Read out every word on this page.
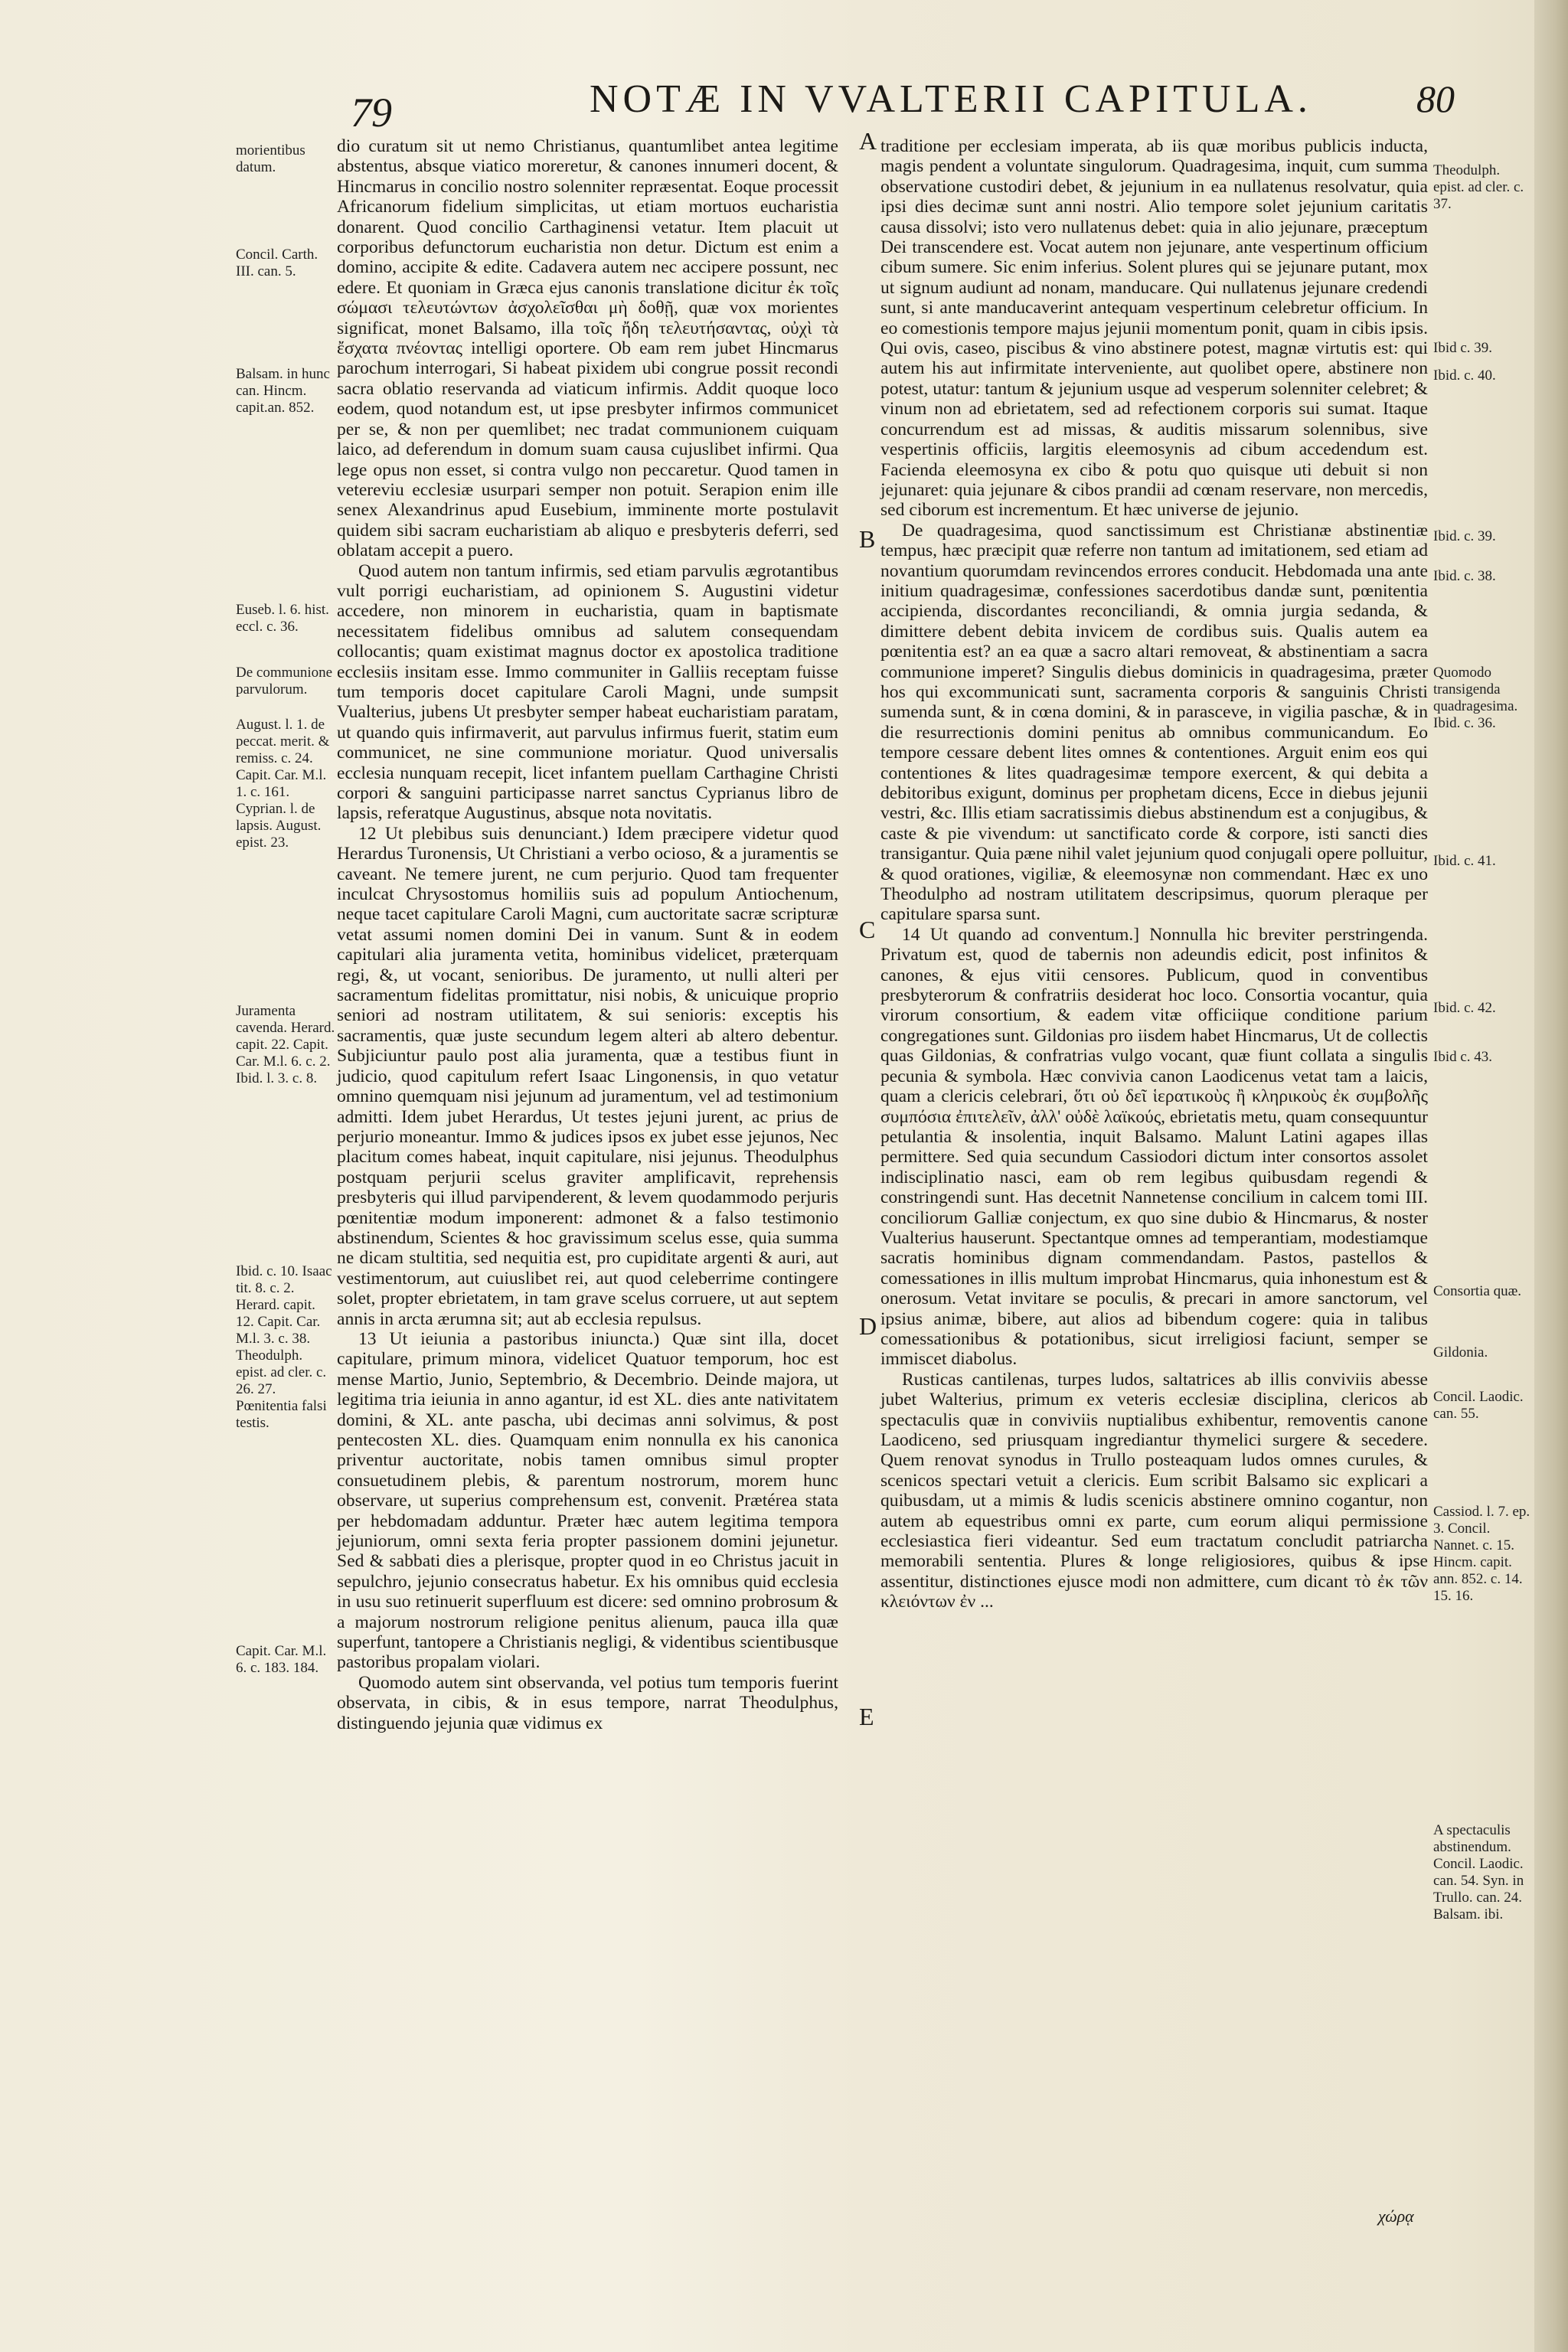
79	NOTÆ IN VVALTERII CAPITULA.	80
morientibus datum.
Concil. Carth. III. can. 5.
Balsam. in hunc can. Hincm. capit.an. 852.
Euseb. l. 6. hist. eccl. c. 36.
De communione parvulorum.
August. l. 1. de peccat. merit. & remiss. c. 24. Capit. Car. M.l. 1. c. 161. Cyprian. l. de lapsis. August. epist. 23.
Juramenta cavenda. Herard. capit. 22. Capit. Car. M.l. 6. c. 2. Ibid. l. 3. c. 8.
Ibid. c. 10. Isaac tit. 8. c. 2. Herard. capit. 12. Capit. Car. M.l. 3. c. 38. Theodulph. epist. ad cler. c. 26. 27. Pœnitentia falsi testis.
Capit. Car. M.l. 6. c. 183. 184.

dio curatum sit ut nemo Christianus, quantumlibet antea legitime abstentus, absque viatico moreretur, & canones innumeri docent, & Hincmarus in concilio nostro solenniter repræsentat. Eoque processit Africanorum fidelium simplicitas, ut etiam mortuos eucharistia donarent. Quod concilio Carthaginensi vetatur. Item placuit ut corporibus defunctorum eucharistia non detur. Dictum est enim a domino, accipite & edite. Cadavera autem nec accipere possunt, nec edere. Et quoniam in Græca ejus canonis translatione dicitur ἐκ τοῖς σώμασι τελευτώντων ἀσχολεῖσθαι μὴ δοθῇ, quæ vox morientes significat, monet Balsamo, illa τοῖς ἤδη τελευτήσαντας, οὐχὶ τὰ ἔσχατα πνέοντας intelligi oportere. Ob eam rem jubet Hincmarus parochum interrogari, Si habeat pixidem ubi congrue possit recondi sacra oblatio reservanda ad viaticum infirmis. Addit quoque loco eodem, quod notandum est, ut ipse presbyter infirmos communicet per se, & non per quemlibet; nec tradat communionem cuiquam laico, ad deferendum in domum suam causa cujuslibet infirmi. Qua lege opus non esset, si contra vulgo non peccaretur. Quod tamen in vetereviu ecclesiæ usurpari semper non potuit. Serapion enim ille senex Alexandrinus apud Eusebium, imminente morte postulavit quidem sibi sacram eucharistiam ab aliquo e presbyteris deferri, sed oblatam accepit a puero.

Quod autem non tantum infirmis, sed etiam parvulis ægrotantibus vult porrigi eucharistiam, ad opinionem S. Augustini videtur accedere, non minorem in eucharistia, quam in baptismate necessitatem fidelibus omnibus ad salutem consequendam collocantis; quam existimat magnus doctor ex apostolica traditione ecclesiis insitam esse. Immo communiter in Galliis receptam fuisse tum temporis docet capitulare Caroli Magni, unde sumpsit Vualterius, jubens Ut presbyter semper habeat eucharistiam paratam, ut quando quis infirmaverit, aut parvulus infirmus fuerit, statim eum communicet, ne sine communione moriatur. Quod universalis ecclesia nunquam recepit, licet infantem puellam Carthagine Christi corpori & sanguini participasse narret sanctus Cyprianus libro de lapsis, referatque Augustinus, absque nota novitatis.

12 Ut plebibus suis denunciant.) Idem præcipere videtur quod Herardus Turonensis, Ut Christiani a verbo ocioso, & a juramentis se caveant. Ne temere jurent, ne cum perjurio. Quod tam frequenter inculcat Chrysostomus homiliis suis ad populum Antiochenum, neque tacet capitulare Caroli Magni, cum auctoritate sacræ scripturæ vetat assumi nomen domini Dei in vanum. Sunt & in eodem capitulari alia juramenta vetita, hominibus videlicet, præterquam regi, &, ut vocant, senioribus. De juramento, ut nulli alteri per sacramentum fidelitas promittatur, nisi nobis, & unicuique proprio seniori ad nostram utilitatem, & sui senioris: exceptis his sacramentis, quæ juste secundum legem alteri ab altero debentur. Subjiciuntur paulo post alia juramenta, quæ a testibus fiunt in judicio, quod capitulum refert Isaac Lingonensis, in quo vetatur omnino quemquam nisi jejunum ad juramentum, vel ad testimonium admitti. Idem jubet Herardus, Ut testes jejuni jurent, ac prius de perjurio moneantur. Immo & judices ipsos ex jubet esse jejunos, Nec placitum comes habeat, inquit capitulare, nisi jejunus. Theodulphus postquam perjurii scelus graviter amplificavit, reprehensis presbyteris qui illud parvipenderent, & levem quodammodo perjuris pœnitentiæ modum imponerent: admonet & a falso testimonio abstinendum, Scientes & hoc gravissimum scelus esse, quia summa ne dicam stultitia, sed nequitia est, pro cupiditate argenti & auri, aut vestimentorum, aut cuiuslibet rei, aut quod celeberrime contingere solet, propter ebrietatem, in tam grave scelus corruere, ut aut septem annis in arcta ærumna sit; aut ab ecclesia repulsus.

13 Ut ieiunia a pastoribus iniuncta.) Quæ sint illa, docet capitulare, primum minora, videlicet Quatuor temporum, hoc est mense Martio, Junio, Septembrio, & Decembrio. Deinde majora, ut legitima tria ieiunia in anno agantur, id est XL. dies ante nativitatem domini, & XL. ante pascha, ubi decimas anni solvimus, & post pentecosten XL. dies. Quamquam enim nonnulla ex his canonica priventur auctoritate, nobis tamen omnibus simul propter consuetudinem plebis, & parentum nostrorum, morem hunc observare, ut superius comprehensum est, convenit. Prætérea stata per hebdomadam adduntur. Præter hæc autem legitima tempora jejuniorum, omni sexta feria propter passionem domini jejunetur. Sed & sabbati dies a plerisque, propter quod in eo Christus jacuit in sepulchro, jejunio consecratus habetur. Ex his omnibus quid ecclesia in usu suo retinuerit superfluum est dicere: sed omnino probrosum & a majorum nostrorum religione penitus alienum, pauca illa quæ superfunt, tantopere a Christianis negligi, & videntibus scientibusque pastoribus propalam violari.

Quomodo autem sint observanda, vel potius tum temporis fuerint observata, in cibis, & in esus tempore, narrat Theodulphus, distinguendo jejunia quæ vidimus ex

A
B
C
D
E

traditione per ecclesiam imperata, ab iis quæ moribus publicis inducta, magis pendent a voluntate singulorum. Quadragesima, inquit, cum summa observatione custodiri debet, & jejunium in ea nullatenus resolvatur, quia ipsi dies decimæ sunt anni nostri. Alio tempore solet jejunium caritatis causa dissolvi; isto vero nullatenus debet: quia in alio jejunare, præceptum Dei transcendere est. Vocat autem non jejunare, ante vespertinum officium cibum sumere. Sic enim inferius. Solent plures qui se jejunare putant, mox ut signum audiunt ad nonam, manducare. Qui nullatenus jejunare credendi sunt, si ante manducaverint antequam vespertinum celebretur officium. In eo comestionis tempore majus jejunii momentum ponit, quam in cibis ipsis. Qui ovis, caseo, piscibus & vino abstinere potest, magnæ virtutis est: qui autem his aut infirmitate interveniente, aut quolibet opere, abstinere non potest, utatur: tantum & jejunium usque ad vesperum solenniter celebret; & vinum non ad ebrietatem, sed ad refectionem corporis sui sumat. Itaque concurrendum est ad missas, & auditis missarum solennibus, sive vespertinis officiis, largitis eleemosynis ad cibum accedendum est. Facienda eleemosyna ex cibo & potu quo quisque uti debuit si non jejunaret: quia jejunare & cibos prandii ad cœnam reservare, non mercedis, sed ciborum est incrementum. Et hæc universe de jejunio.

De quadragesima, quod sanctissimum est Christianæ abstinentiæ tempus, hæc præcipit quæ referre non tantum ad imitationem, sed etiam ad novantium quorumdam revincendos errores conducit. Hebdomada una ante initium quadragesimæ, confessiones sacerdotibus dandæ sunt, pœnitentia accipienda, discordantes reconciliandi, & omnia jurgia sedanda, & dimittere debent debita invicem de cordibus suis. Qualis autem ea pœnitentia est? an ea quæ a sacro altari removeat, & abstinentiam a sacra communione imperet? Singulis diebus dominicis in quadragesima, præter hos qui excommunicati sunt, sacramenta corporis & sanguinis Christi sumenda sunt, & in cœna domini, & in parasceve, in vigilia paschæ, & in die resurrectionis domini penitus ab omnibus communicandum. Eo tempore cessare debent lites omnes & contentiones. Arguit enim eos qui contentiones & lites quadragesimæ tempore exercent, & qui debita a debitoribus exigunt, dominus per prophetam dicens, Ecce in diebus jejunii vestri, &c. Illis etiam sacratissimis diebus abstinendum est a conjugibus, & caste & pie vivendum: ut sanctificato corde & corpore, isti sancti dies transigantur. Quia pæne nihil valet jejunium quod conjugali opere polluitur, & quod orationes, vigiliæ, & eleemosynæ non commendant. Hæc ex uno Theodulpho ad nostram utilitatem descripsimus, quorum pleraque per capitulare sparsa sunt.

14 Ut quando ad conventum.] Nonnulla hic breviter perstringenda. Privatum est, quod de tabernis non adeundis edicit, post infinitos & canones, & ejus vitii censores. Publicum, quod in conventibus presbyterorum & confratriis desiderat hoc loco. Consortia vocantur, quia virorum consortium, & eadem vitæ officiique conditione parium congregationes sunt. Gildonias pro iisdem habet Hincmarus, Ut de collectis quas Gildonias, & confratrias vulgo vocant, quæ fiunt collata a singulis pecunia & symbola. Hæc convivia canon Laodicenus vetat tam a laicis, quam a clericis celebrari, ὅτι οὐ δεῖ ἱερατικοὺς ἢ κληρικοὺς ἐκ συμβολῆς συμπόσια ἐπιτελεῖν, ἀλλ' οὐδὲ λαϊκούς, ebrietatis metu, quam consequuntur petulantia & insolentia, inquit Balsamo. Malunt Latini agapes illas permittere. Sed quia secundum Cassiodori dictum inter consortos assolet indisciplinatio nasci, eam ob rem legibus quibusdam regendi & constringendi sunt. Has decetnit Nannetense concilium in calcem tomi III. conciliorum Galliæ conjectum, ex quo sine dubio & Hincmarus, & noster Vualterius hauserunt. Spectantque omnes ad temperantiam, modestiamque sacratis hominibus dignam commendandam. Pastos, pastellos & comessationes in illis multum improbat Hincmarus, quia inhonestum est & onerosum. Vetat invitare se poculis, & precari in amore sanctorum, vel ipsius animæ, bibere, aut alios ad bibendum cogere: quia in talibus comessationibus & potationibus, sicut irreligiosi faciunt, semper se immiscet diabolus.

Rusticas cantilenas, turpes ludos, saltatrices ab illis conviviis abesse jubet Walterius, primum ex veteris ecclesiæ disciplina, clericos ab spectaculis quæ in conviviis nuptialibus exhibentur, removentis canone Laodiceno, sed priusquam ingrediantur thymelici surgere & secedere. Quem renovat synodus in Trullo posteaquam ludos omnes curules, & scenicos spectari vetuit a clericis. Eum scribit Balsamo sic explicari a quibusdam, ut a mimis & ludis scenicis abstinere omnino cogantur, non autem ab equestribus omni ex parte, cum eorum aliqui permissione ecclesiastica fieri videantur. Sed eum tractatum concludit patriarcha memorabili sententia. Plures & longe religiosiores, quibus & ipse assentitur, distinctiones ejusce modi non admittere, cum dicant τὸ ἐκ τῶν κλειόντων ἐν ...

χώρᾳ
Theodulph. epist. ad cler. c. 37.
Ibid c. 39.
Ibid. c. 40.
Ibid. c. 39.
Ibid. c. 38.
Quomodo transigenda quadragesima. Ibid. c. 36.
Ibid. c. 41.
Ibid. c. 42.
Ibid c. 43.
Consortia quæ.
Gildonia.
Concil. Laodic. can. 55.
Cassiod. l. 7. ep. 3. Concil. Nannet. c. 15. Hincm. capit. ann. 852. c. 14. 15. 16.
A spectaculis abstinendum. Concil. Laodic. can. 54. Syn. in Trullo. can. 24. Balsam. ibi.
